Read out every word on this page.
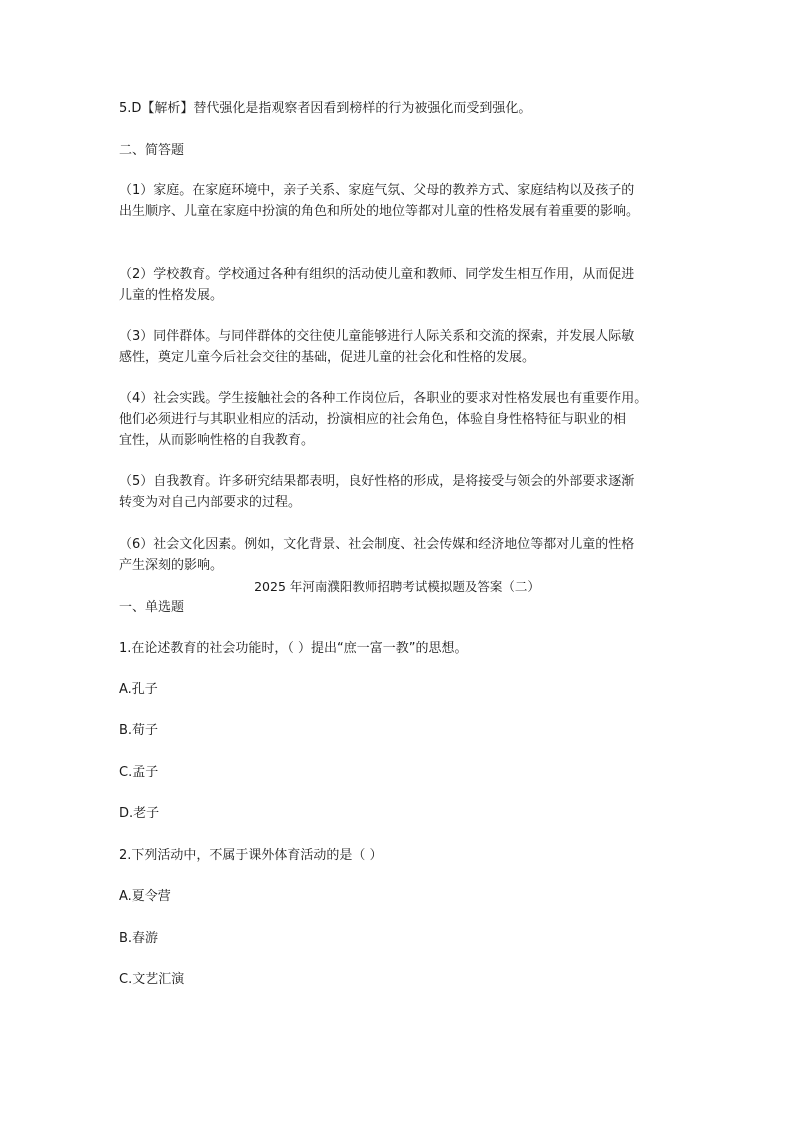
5.D【解析】替代强化是指观察者因看到榜样的行为被强化而受到强化。

二、简答题

（1）家庭。在家庭环境中，亲子关系、家庭气氛、父母的教养方式、家庭结构以及孩子的

出生顺序、儿童在家庭中扮演的角色和所处的地位等都对儿童的性格发展有着重要的影响。

（2）学校教育。学校通过各种有组织的活动使儿童和教师、同学发生相互作用，从而促进

儿童的性格发展。

（3）同伴群体。与同伴群体的交往使儿童能够进行人际关系和交流的探索，并发展人际敏

感性，奠定儿童今后社会交往的基础，促进儿童的社会化和性格的发展。

（4）社会实践。学生接触社会的各种工作岗位后，各职业的要求对性格发展也有重要作用。

他们必须进行与其职业相应的活动，扮演相应的社会角色，体验自身性格特征与职业的相

宜性，从而影响性格的自我教育。

（5）自我教育。许多研究结果都表明，良好性格的形成，是将接受与领会的外部要求逐渐

转变为对自己内部要求的过程。

（6）社会文化因素。例如，文化背景、社会制度、社会传媒和经济地位等都对儿童的性格

产生深刻的影响。

2025 年河南濮阳教师招聘考试模拟题及答案（二）

一、单选题

1.在论述教育的社会功能时，（ ）提出“庶一富一教”的思想。

A.孔子

B.荀子

C.孟子

D.老子

2.下列活动中，不属于课外体育活动的是（ ）

A.夏令营

B.春游

C.文艺汇演
